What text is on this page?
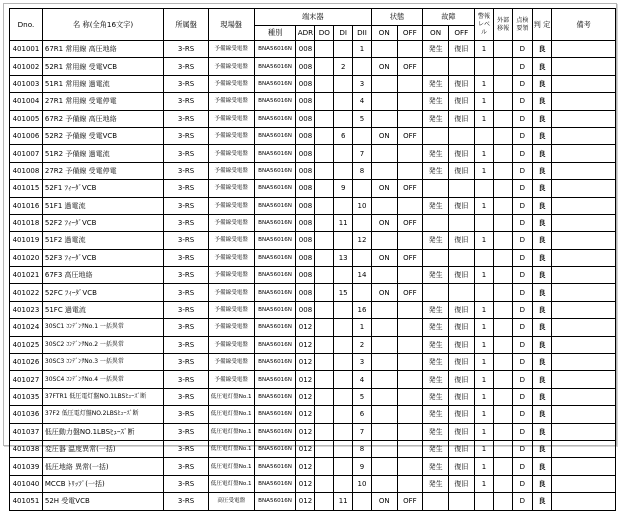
Dno.	名 称(全角16文字)	所属盤	現場盤	端末器					状態		故障		警報レベル	外部移報	点検要領	判 定	備考
				種別	ADR	DO	DI	DII	ON	OFF	ON	OFF					
401001	67R1 常用線 高圧地絡	3-RS	予備線受電盤	BNA56016N	008			1			発生	復旧	1		D	良	
401002	52R1 常用線 受電VCB	3-RS	予備線受電盤	BNA56016N	008		2		ON	OFF					D	良	
401003	51R1 常用線 過電流	3-RS	予備線受電盤	BNA56016N	008			3			発生	復旧	1		D	良	
401004	27R1 常用線 受電停電	3-RS	予備線受電盤	BNA56016N	008			4			発生	復旧	1		D	良	
401005	67R2 予備線 高圧地絡	3-RS	予備線受電盤	BNA56016N	008			5			発生	復旧	1		D	良	
401006	52R2 予備線 受電VCB	3-RS	予備線受電盤	BNA56016N	008		6		ON	OFF					D	良	
401007	51R2 予備線 過電流	3-RS	予備線受電盤	BNA56016N	008			7			発生	復旧	1		D	良	
401008	27R2 予備線 受電停電	3-RS	予備線受電盤	BNA56016N	008			8			発生	復旧	1		D	良	
401015	52F1 ﾌｨｰﾀﾞVCB	3-RS	予備線受電盤	BNA56016N	008		9		ON	OFF					D	良	
401016	51F1 過電流	3-RS	予備線受電盤	BNA56016N	008			10			発生	復旧	1		D	良	
401018	52F2 ﾌｨｰﾀﾞVCB	3-RS	予備線受電盤	BNA56016N	008		11		ON	OFF					D	良	
401019	51F2 過電流	3-RS	予備線受電盤	BNA56016N	008			12			発生	復旧	1		D	良	
401020	52F3 ﾌｨｰﾀﾞVCB	3-RS	予備線受電盤	BNA56016N	008		13		ON	OFF					D	良	
401021	67F3 高圧地絡	3-RS	予備線受電盤	BNA56016N	008			14			発生	復旧	1		D	良	
401022	52FC ﾌｨｰﾀﾞVCB	3-RS	予備線受電盤	BNA56016N	008		15		ON	OFF					D	良	
401023	51FC 過電流	3-RS	予備線受電盤	BNA56016N	008			16			発生	復旧	1		D	良	
401024	30SC1 ｺﾝﾃﾞﾝｻNo.1 一括異常	3-RS	予備線受電盤	BNA56016N	012			1			発生	復旧	1		D	良	
401025	30SC2 ｺﾝﾃﾞﾝｻNo.2 一括異常	3-RS	予備線受電盤	BNA56016N	012			2			発生	復旧	1		D	良	
401026	30SC3 ｺﾝﾃﾞﾝｻNo.3 一括異常	3-RS	予備線受電盤	BNA56016N	012			3			発生	復旧	1		D	良	
401027	30SC4 ｺﾝﾃﾞﾝｻNo.4 一括異常	3-RS	予備線受電盤	BNA56016N	012			4			発生	復旧	1		D	良	
401035	37FTR1 低圧電灯盤NO.1LBSﾋｭｰｽﾞ断	3-RS	低圧電灯盤No.1	BNA56016N	012			5			発生	復旧	1		D	良	
401036	37F2 低圧電灯盤NO.2LBSﾋｭｰｽﾞ断	3-RS	低圧電灯盤No.1	BNA56016N	012			6			発生	復旧	1		D	良	
401037	低圧動力盤NO.1LBSﾋｭｰｽﾞ断	3-RS	低圧電灯盤No.1	BNA56016N	012			7			発生	復旧	1		D	良	
401038	変圧器 温度異常(一括)	3-RS	低圧電灯盤No.1	BNA56016N	012			8			発生	復旧	1		D	良	
401039	低圧地絡 異常(一括)	3-RS	低圧電灯盤No.1	BNA56016N	012			9			発生	復旧	1		D	良	
401040	MCCB ﾄﾘｯﾌﾟ(一括)	3-RS	低圧電灯盤No.1	BNA56016N	012			10			発生	復旧	1		D	良	
401051	52H 受電VCB	3-RS	高圧受電盤	BNA56016N	012		11		ON	OFF					D	良	
